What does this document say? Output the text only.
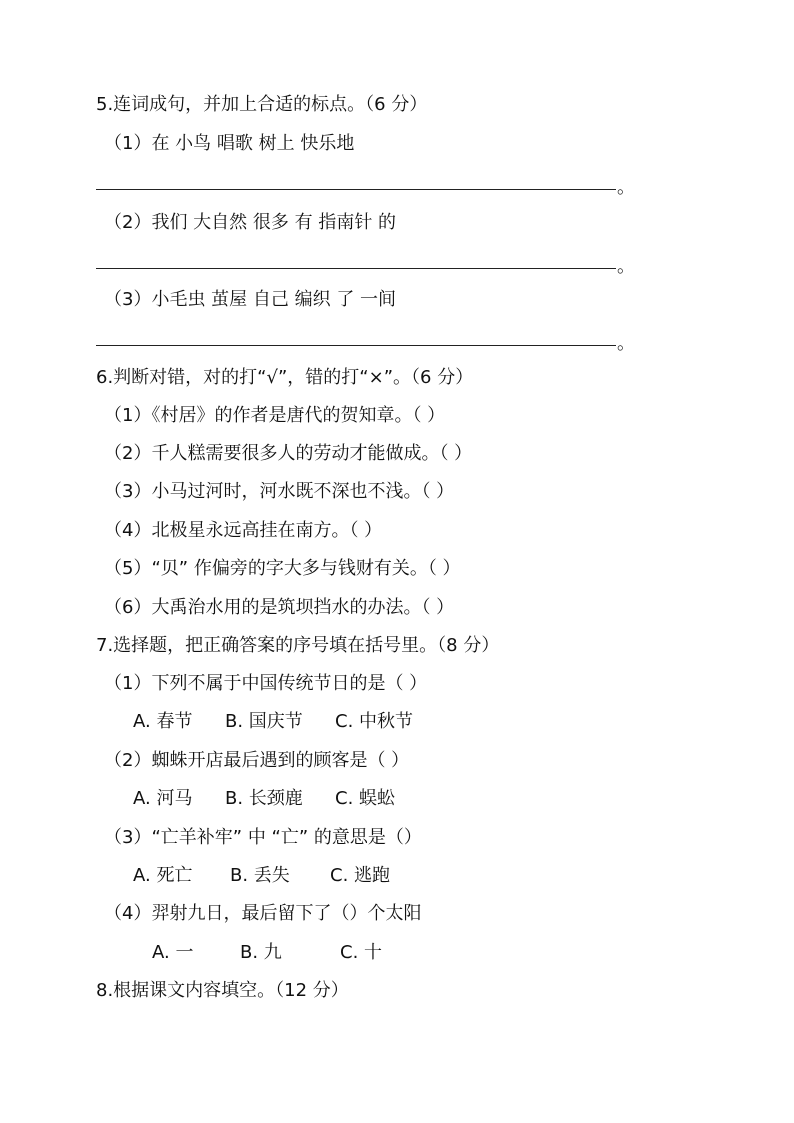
5.连词成句，并加上合适的标点。（6 分）
（1）在 小鸟 唱歌 树上 快乐地
。
（2）我们 大自然 很多 有 指南针 的
。
（3）小毛虫 茧屋 自己 编织 了 一间
。
6.判断对错，对的打“√”，错的打“×”。（6 分）
（1）《村居》的作者是唐代的贺知章。（ ）
（2）千人糕需要很多人的劳动才能做成。（ ）
（3）小马过河时，河水既不深也不浅。（ ）
（4）北极星永远高挂在南方。（ ）
（5）“贝” 作偏旁的字大多与钱财有关。（ ）
（6）大禹治水用的是筑坝挡水的办法。（ ）
7.选择题，把正确答案的序号填在括号里。（8 分）
（1）下列不属于中国传统节日的是（ ）
A. 春节 B. 国庆节 C. 中秋节
（2）蜘蛛开店最后遇到的顾客是（ ）
A. 河马 B. 长颈鹿 C. 蜈蚣
（3）“亡羊补牢” 中 “亡” 的意思是（）
A. 死亡 B. 丢失 C. 逃跑
（4）羿射九日，最后留下了（）个太阳
A. 一	B. 九	C. 十
8.根据课文内容填空。（12 分）
